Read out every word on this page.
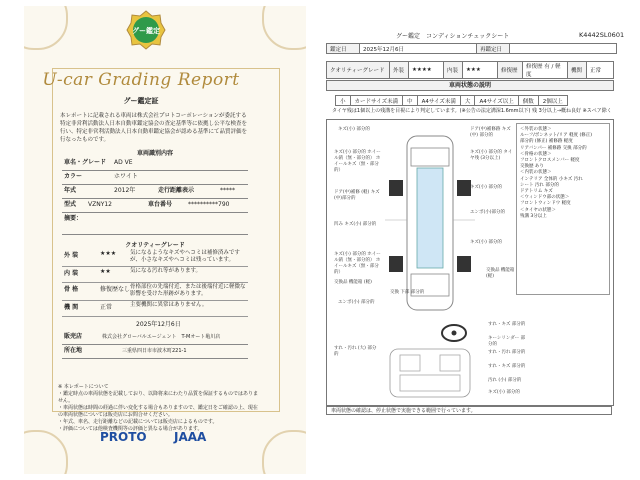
グー鑑定
U-car Grading Report
グー鑑定証
本レポートに記載される車両は株式会社プロトコーポレーションが委託する特定非営利活動法人日本自動車鑑定協会の査定基準等に依拠し公平な検査を行い、特定非営利活動法人日本自動車鑑定協会が認める基準にて品質評価を行なったものです。
車両識別内容
車名・グレード AD VE
カラー	ホワイト
年式	2012年	走行距離表示	*****
型式 VZNY12	車台番号	**********790
摘要：
クオリティーグレード
外 装	★★★	気になるようなキズやヘコミは補修済みですが、小さなキズやヘコミは残っています。
内 装	★★	気になる汚れ等があります。
骨 格	修復歴なし 骨格部位の先端付近、または後端付近に軽微な影響を受けた形跡があります。
機 関	正常	主要機関に異常はありません。
2025年12月6日
販売店	株式会社グローバルエージェント　T-Mオート亀川店
所在地	三重県四日市市波木町221-1
※ 本レポートについて
・鑑定時点の車両状態を記載しており、以降将来にわたり品質を保証するものではありません。
・車両状態は時間の経過に伴い変化する場合もありますので、鑑定日をご確認の上、現在の車両状態については販売店にお問合せください。
・年式、車名、走行距離などの記載については販売店によるものです。
・評価については他検査機関等の評価と異なる場合があります。
PROTO JAAA
グー鑑定　コンディションチェックシート	K4442SL0601
鑑定日	2025年12月6日	再鑑定日	
クオリティーグレード	外装	★★★★	内装	★★★	修復歴	修復歴 有 / 軽度	機関	正常
車両状態の説明
小	カードサイズ未満	中	A4サイズ未満	大	A4サイズ以上	個数	2個以上
タイヤ残は1個以上の残溝を目視により判定しています。(※公告の法定溝深1.6mm以下) 残 3分以上→概ね良好 ※スペア除く
キズ(小) 部分的	ドア(中)補修跡 キズ(中) 部分的
キズ(小) 部分的 ホイール錆（無・部分的） ホイールキズ（無・部分的）
キズ(小) 部分的 タイヤ残 (3分以上)
ドア(中)補修 (軽) キズ(中)部分的
キズ(小) 部分的
凹み キズ(小) 部分的
エンボ(小)部分的
キズ(小) 部分的 ホイール錆（無・部分的） ホイールキズ（無・部分的）
キズ(小) 部分的
交換品 機能箱 (軽)
交換 下部 部分的
交換品 機能箱 (軽)
すれ・汚れ (大) 部分的
すれ・キズ 部分的
キーシリンダー 部分的
すれ・汚れ 部分的
すれ・キズ 部分的
汚れ (小) 部分的
キズ(小) 部分的
エンボ(小) 部分的
＜外装の状態＞
ルーフ/ボンネット/リア 軽度 (修正)
部分的 (修正) 補修跡 軽度
リアバンパー 補修跡 交換 部分的
＜骨格の状態＞
フロントクロスメンバー 軽度
交換歴 あり
＜内装の状態＞
インテリア 全体的 小キズ 汚れ
シート 汚れ 部分的
ドアトリム キズ
＜ウィンドウ部の状態＞
フロントウィンドウ 軽度
＜タイヤの状態＞
残溝 3分以上
車両状態の確認は、停止状態で実施できる範囲で行っています。
